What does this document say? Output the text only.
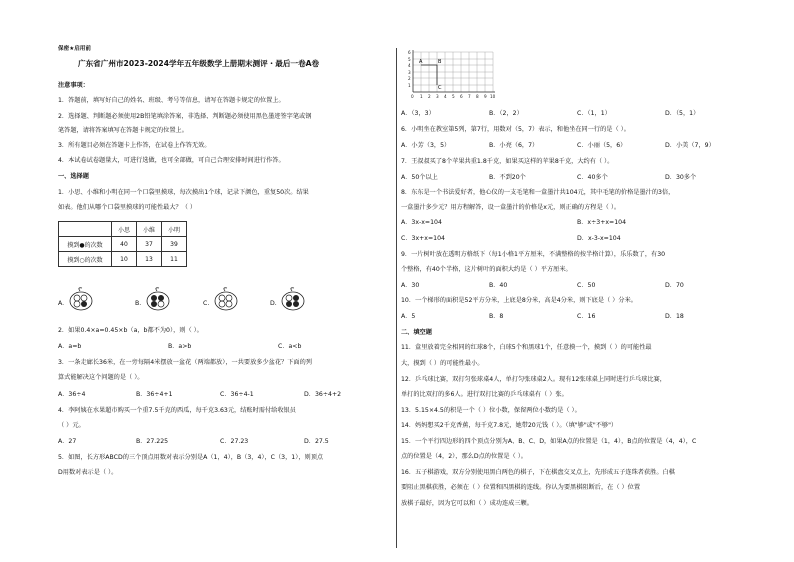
保密★启用前
广东省广州市2023-2024学年五年级数学上册期末测评・最后一卷A卷
注意事项：
1．答题前，填写好自己的姓名、班级、考号等信息，请写在答题卡规定的位置上。
2．选择题、判断题必须使用2B铅笔填涂答案，非选择、判断题必须使用黑色墨迹签字笔或钢
笔答题，请将答案填写在答题卡规定的位置上。
3．所有题目必须在答题卡上作答，在试卷上作答无效。
4．本试卷试卷题量大，可进行选做，也可全部做，可自己合理安排时间进行作答。
一、选择题
1．小思、小维和小明在同一个口袋里摸球，每次摸出1个球，记录下颜色，重复50次。结果
如表。他们从哪个口袋里摸球的可能性最大？（ ）
	小思	小维	小明
摸到●的次数	40	37	39
摸到○的次数	10	13	11
A.	B.	C.	D.
2．如果0.4×a=0.45×b（a，b都不为0），则（ ）。
A．a=b	B．a>b	C．a<b
3．一条走廊长36米，在一旁每隔4米摆放一盆花（两端都放），一共要放多少盆花？下面的列
算式能解决这个问题的是（ ）。
A．36÷4	B．36÷4+1	C．36÷4-1	D．36÷4+2
4．李阿姨在水果超市购买一个重7.5千克的西瓜，每千克3.63元，结账时需付给收银员
（ ）元。
A．27	B．27.225	C．27.23	D．27.5
5．如图，长方形ABCD的三个顶点用数对表示分别是A（1，4），B（3，4），C（3，1），则顶点
D用数对表示是（ ）。
A	B
C
0 1 2 3 4 5 6 7 8 9 10
1
2
3
4
5
6
A．（3，3）	B．（2，2）	C．（1，1）	D．（5，1）
6．小明坐在教室第5列，第7行，用数对（5，7）表示，和他坐在同一行的是（ ）。
A．小芳（3，5）	B．小亮（6，7）	C．小丽（5，6）	D．小美（7，9）
7．王叔叔买了8个苹果共重1.8千克，如果买这样的苹果8千克，大约有（ ）。
A．50个以上	B．不到20个	C．40多个	D．30多个
8．东东是一个书法爱好者，他心仪的一支毛笔和一盒墨汁共104元，其中毛笔的价格是墨汁的3倍，
一盒墨汁多少元？用方程解答，设一盒墨汁的价格是x元，则正确的方程是（ ）。
A．3x-x=104	B．x÷3+x=104
C．3x+x=104	D．x-3-x=104
9．一片树叶放在透明方格纸下（每1小格1平方厘米，不满整格的按半格计算），乐乐数了，有30
个整格，有40个半格，这片树叶的面积大约是（ ）平方厘米。
A．30	B．40	C．50	D．70
10．一个梯形的面积是52平方分米，上底是8分米，高是4分米，则下底是（ ）分米。
A．5	B．8	C．16	D．18
二、填空题
11．盒里放着完全相同的红球8个，白球5个和黑球1个，任意摸一个，摸到（ ）的可能性最
大，摸到（ ）的可能性最小。
12．乒乓球比赛，双打匀张球桌4人，单打匀张球桌2人。现有12张球桌上同时进行乒乓球比赛，
单打的比双打的多6人。进行双打比赛的乒乓球桌有（ ）张。
13．5.15×4.5的积是一个（ ）位小数，保留两位小数约是（ ）。
14．妈妈想买2千克香蕉，每千克7.8元，她带20元钱（ ）。（填"够"或"不够"）
15．一个平行四边形的四个顶点分别为A、B、C、D，如果A点的位置是（1，4），B点的位置是（4，4），C
点的位置是（4，2），那么D点的位置是（ ）。
16．五子棋游戏，双方分别使用黑白两色的棋子，下在棋盘交叉点上，先形成五子连珠者获胜。白棋
要阻止黑棋获胜，必须在（ ）位置和四黑棋的连线。你认为要黑棋阻断后，在（ ）位置
放棋子最好，因为它可以和（ ）成功连成三颗。
